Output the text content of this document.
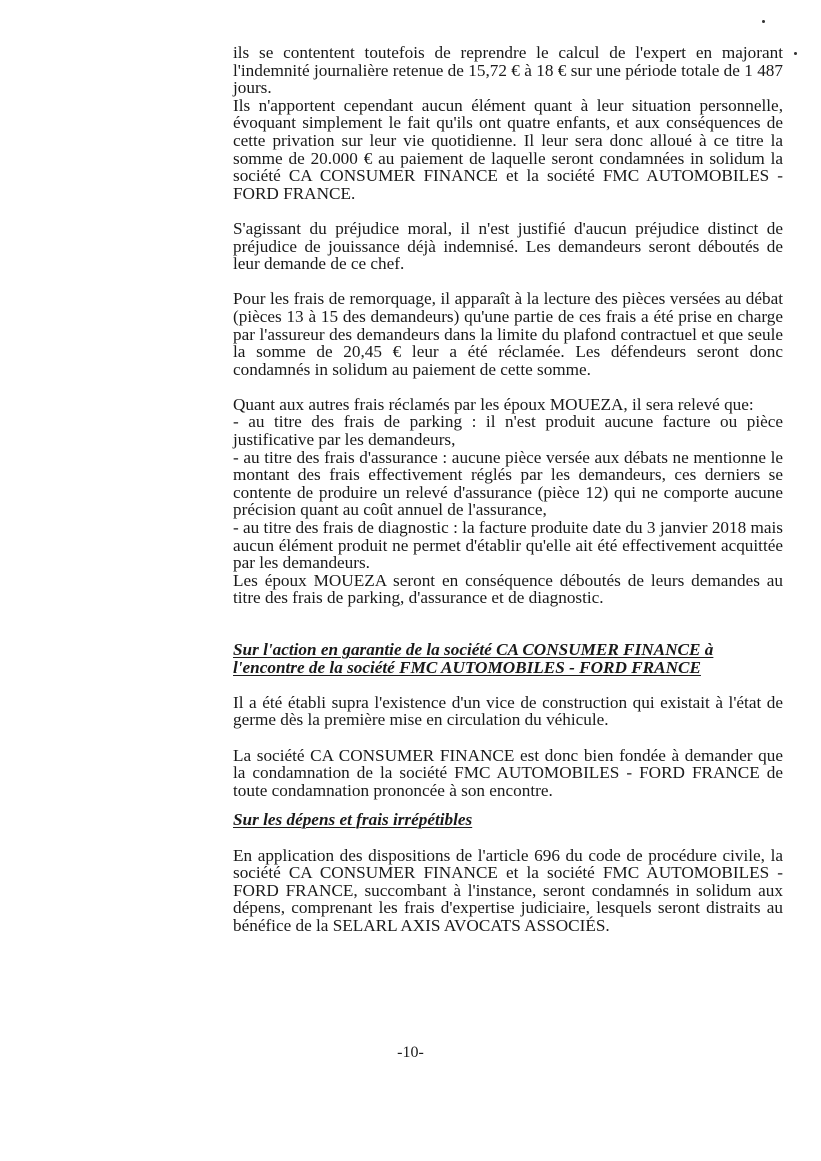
ils se contentent toutefois de reprendre le calcul de l'expert en majorant l'indemnité journalière retenue de 15,72 € à 18 € sur une période totale de 1 487 jours.

Ils n'apportent cependant aucun élément quant à leur situation personnelle, évoquant simplement le fait qu'ils ont quatre enfants, et aux conséquences de cette privation sur leur vie quotidienne. Il leur sera donc alloué à ce titre la somme de 20.000 € au paiement de laquelle seront condamnées in solidum la société CA CONSUMER FINANCE et la société FMC AUTOMOBILES - FORD FRANCE.

S'agissant du préjudice moral, il n'est justifié d'aucun préjudice distinct de préjudice de jouissance déjà indemnisé. Les demandeurs seront déboutés de leur demande de ce chef.

Pour les frais de remorquage, il apparaît à la lecture des pièces versées au débat (pièces 13 à 15 des demandeurs) qu'une partie de ces frais a été prise en charge par l'assureur des demandeurs dans la limite du plafond contractuel et que seule la somme de 20,45 € leur a été réclamée. Les défendeurs seront donc condamnés in solidum au paiement de cette somme.

Quant aux autres frais réclamés par les époux MOUEZA, il sera relevé que:

- au titre des frais de parking : il n'est produit aucune facture ou pièce justificative par les demandeurs,

- au titre des frais d'assurance : aucune pièce versée aux débats ne mentionne le montant des frais effectivement réglés par les demandeurs, ces derniers se contente de produire un relevé d'assurance (pièce 12) qui ne comporte aucune précision quant au coût annuel de l'assurance,

- au titre des frais de diagnostic : la facture produite date du 3 janvier 2018 mais aucun élément produit ne permet d'établir qu'elle ait été effectivement acquittée par les demandeurs.

Les époux MOUEZA seront en conséquence déboutés de leurs demandes au titre des frais de parking, d'assurance et de diagnostic.

Sur l'action en garantie de la société CA CONSUMER FINANCE à l'encontre de la société FMC AUTOMOBILES - FORD FRANCE

Il a été établi supra l'existence d'un vice de construction qui existait à l'état de germe dès la première mise en circulation du véhicule.

La société CA CONSUMER FINANCE est donc bien fondée à demander que la condamnation de la société FMC AUTOMOBILES - FORD FRANCE de toute condamnation prononcée à son encontre.

Sur les dépens et frais irrépétibles

En application des dispositions de l'article 696 du code de procédure civile, la société CA CONSUMER FINANCE et la société FMC AUTOMOBILES - FORD FRANCE, succombant à l'instance, seront condamnés in solidum aux dépens, comprenant les frais d'expertise judiciaire, lesquels seront distraits au bénéfice de la SELARL AXIS AVOCATS ASSOCIÉS.

-10-
